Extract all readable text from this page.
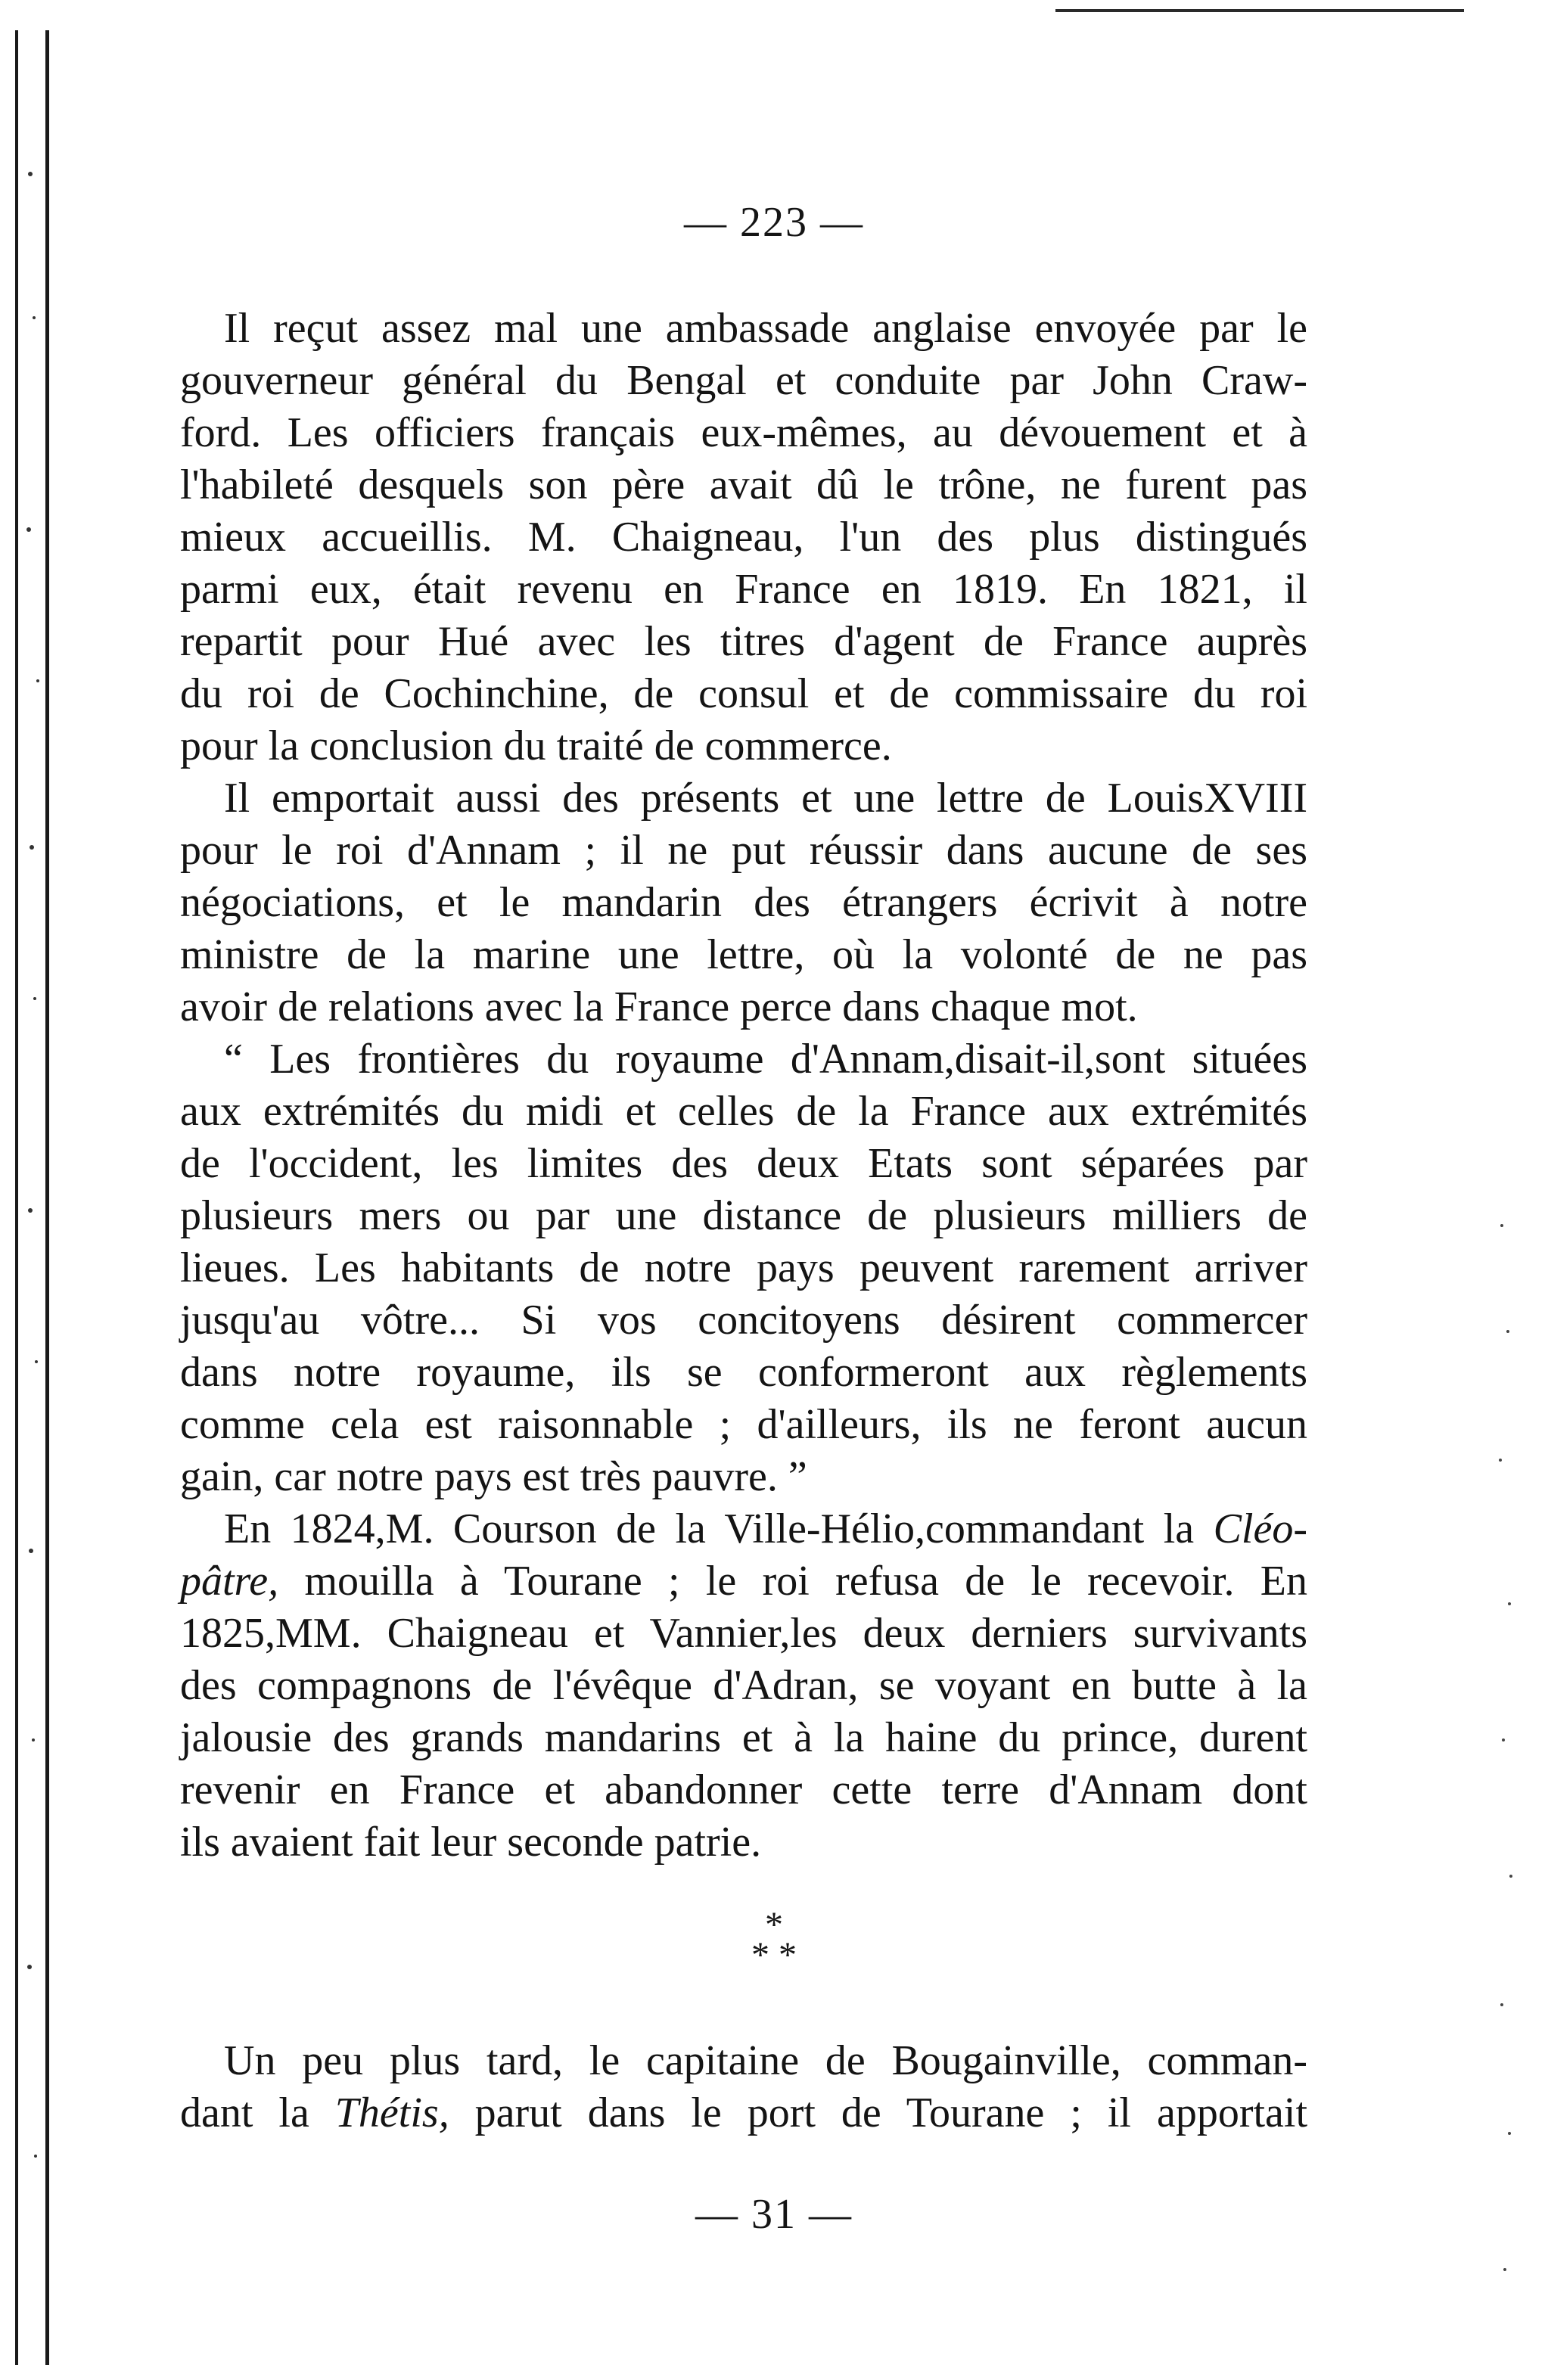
— 223 —

Il reçut assez mal une ambassade anglaise envoyée par le
gouverneur général du Bengal et conduite par John Craw-
ford. Les officiers français eux-mêmes, au dévouement et à
l'habileté desquels son père avait dû le trône, ne furent pas
mieux accueillis. M. Chaigneau, l'un des plus distingués
parmi eux, était revenu en France en 1819. En 1821, il
repartit pour Hué avec les titres d'agent de France auprès
du roi de Cochinchine, de consul et de commissaire du roi
pour la conclusion du traité de commerce.

Il emportait aussi des présents et une lettre de LouisXVIII
pour le roi d'Annam ; il ne put réussir dans aucune de ses
négociations, et le mandarin des étrangers écrivit à notre
ministre de la marine une lettre, où la volonté de ne pas
avoir de relations avec la France perce dans chaque mot.

“ Les frontières du royaume d'Annam,disait-il,sont situées
aux extrémités du midi et celles de la France aux extrémités
de l'occident, les limites des deux Etats sont séparées par
plusieurs mers ou par une distance de plusieurs milliers de
lieues. Les habitants de notre pays peuvent rarement arriver
jusqu'au vôtre... Si vos concitoyens désirent commercer
dans notre royaume, ils se conformeront aux règlements
comme cela est raisonnable ; d'ailleurs, ils ne feront aucun
gain, car notre pays est très pauvre. ”

En 1824,M. Courson de la Ville-Hélio,commandant la Cléo-
pâtre, mouilla à Tourane ; le roi refusa de le recevoir. En
1825,MM. Chaigneau et Vannier,les deux derniers survivants
des compagnons de l'évêque d'Adran, se voyant en butte à la
jalousie des grands mandarins et à la haine du prince, durent
revenir en France et abandonner cette terre d'Annam dont
ils avaient fait leur seconde patrie.

*
* *

Un peu plus tard, le capitaine de Bougainville, comman-
dant la Thétis, parut dans le port de Tourane ; il apportait

— 31 —
